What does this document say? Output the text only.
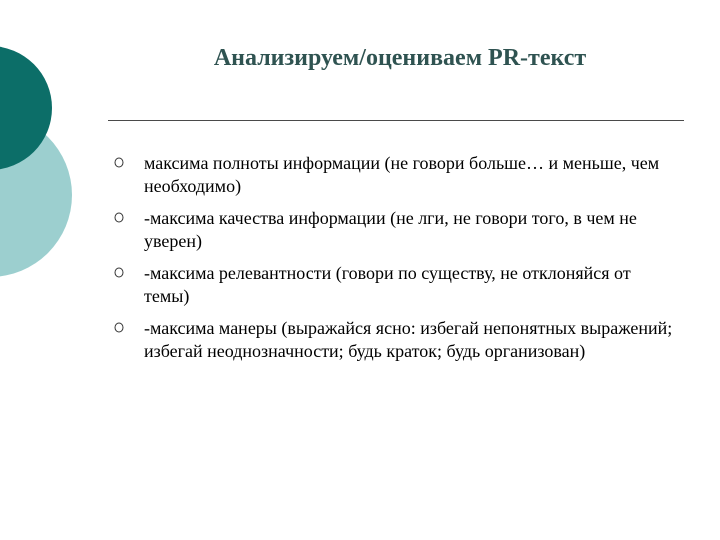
Анализируем/оцениваем PR-текст
максима полноты информации (не говори больше… и меньше, чем необходимо)
-максима качества информации (не лги, не говори того, в чем не уверен)
-максима релевантности (говори по существу, не отклоняйся от темы)
-максима манеры (выражайся ясно: избегай непонятных выражений; избегай неоднозначности; будь краток; будь организован)
